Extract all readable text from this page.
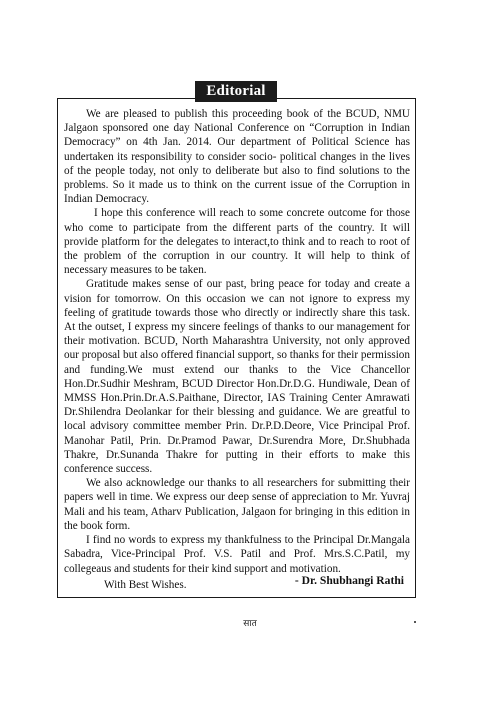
Editorial

We are pleased to publish this proceeding book of the BCUD, NMU Jalgaon sponsored one day National Conference on “Corruption in Indian Democracy” on 4th Jan. 2014. Our department of Political Science has undertaken its responsibility to consider socio- political changes in the lives of the people today, not only to deliberate but also to find solutions to the problems. So it made us to think on the current issue of the Corruption in Indian Democracy.

I hope this conference will reach to some concrete outcome for those who come to participate from the different parts of the country. It will provide platform for the delegates to interact,to think and to reach to root of the problem of the corruption in our country. It will help to think of necessary measures to be taken.

Gratitude makes sense of our past, bring peace for today and create a vision for tomorrow. On this occasion we can not ignore to express my feeling of gratitude towards those who directly or indirectly share this task. At the outset, I express my sincere feelings of thanks to our management for their motivation. BCUD, North Maharashtra University, not only approved our proposal but also offered financial support, so thanks for their permission and funding.We must extend our thanks to the Vice Chancellor Hon.Dr.Sudhir Meshram, BCUD Director Hon.Dr.D.G. Hundiwale, Dean of MMSS Hon.Prin.Dr.A.S.Paithane, Director, IAS Training Center Amrawati Dr.Shilendra Deolankar for their blessing and guidance. We are greatful to local advisory committee member Prin. Dr.P.D.Deore, Vice Principal Prof. Manohar Patil, Prin. Dr.Pramod Pawar, Dr.Surendra More, Dr.Shubhada Thakre, Dr.Sunanda Thakre for putting in their efforts to make this conference success.

We also acknowledge our thanks to all researchers for submitting their papers well in time. We express our deep sense of appreciation to Mr. Yuvraj Mali and his team, Atharv Publication, Jalgaon for bringing in this edition in the book form.

I find no words to express my thankfulness to the Principal Dr.Mangala Sabadra, Vice-Principal Prof. V.S. Patil and Prof. Mrs.S.C.Patil, my collegeaus and students for their kind support and motivation.

With Best Wishes.	- Dr. Shubhangi Rathi
सात
